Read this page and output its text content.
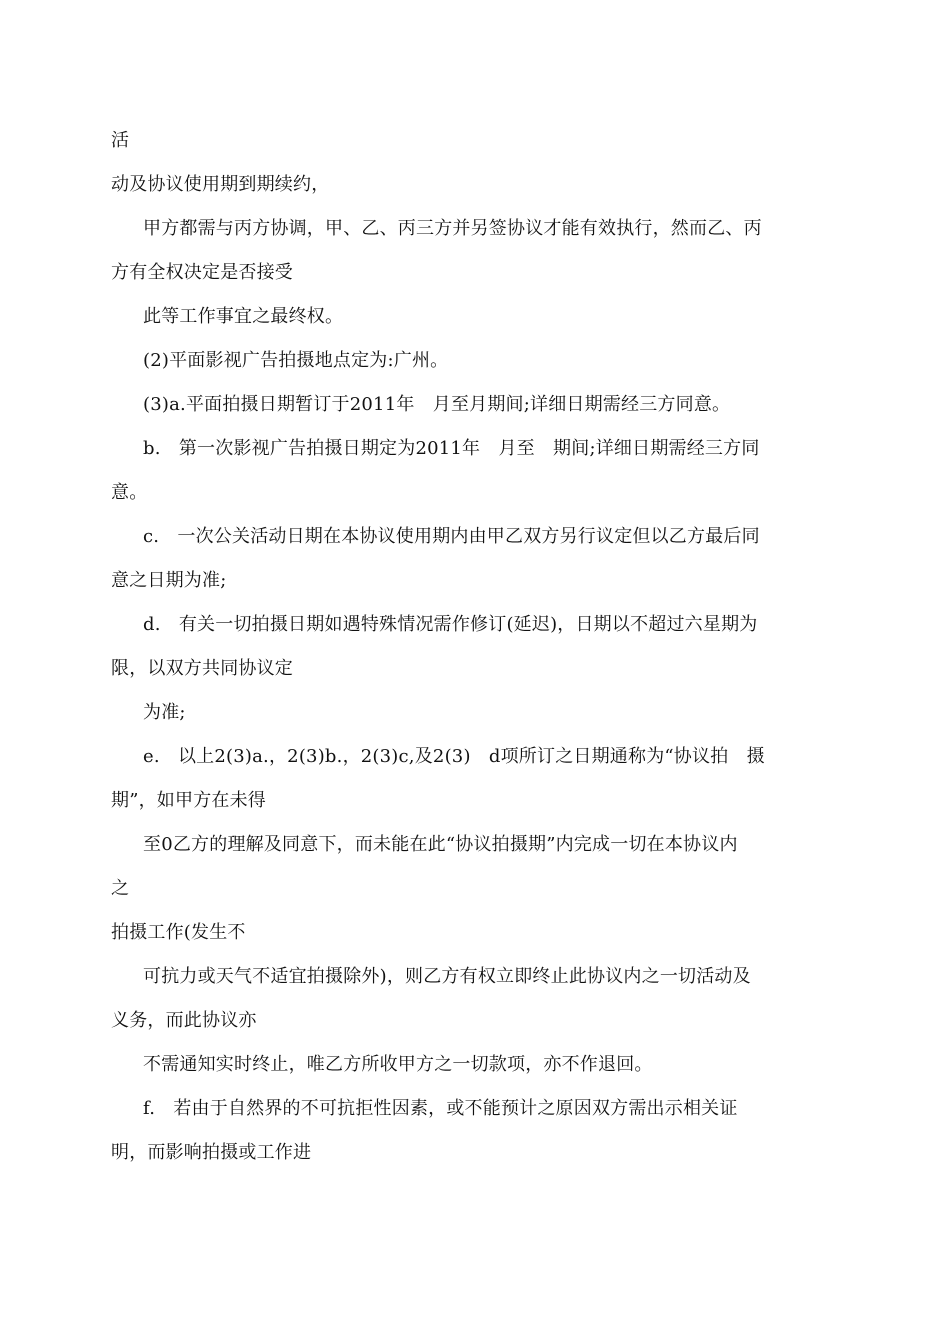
活
动及协议使用期到期续约，
甲方都需与丙方协调，甲、乙、丙三方并另签协议才能有效执行，然而乙、丙
方有全权决定是否接受
此等工作事宜之最终权。
(2)平面影视广告拍摄地点定为:广州。
(3)a.平面拍摄日期暂订于2011年　月至月期间;详细日期需经三方同意。
b.　第一次影视广告拍摄日期定为2011年　月至　期间;详细日期需经三方同
意。
c.　一次公关活动日期在本协议使用期内由甲乙双方另行议定但以乙方最后同
意之日期为准;
d.　有关一切拍摄日期如遇特殊情况需作修订(延迟)，日期以不超过六星期为
限，以双方共同协议定
为准;
e.　以上2(3)a.，2(3)b.，2(3)c,及2(3)　d项所订之日期通称为“协议拍　摄
期”，如甲方在未得
至0乙方的理解及同意下，而未能在此“协议拍摄期”内完成一切在本协议内
之
拍摄工作(发生不
可抗力或天气不适宜拍摄除外)，则乙方有权立即终止此协议内之一切活动及
义务，而此协议亦
不需通知实时终止，唯乙方所收甲方之一切款项，亦不作退回。
f.　若由于自然界的不可抗拒性因素，或不能预计之原因双方需出示相关证
明，而影响拍摄或工作进
